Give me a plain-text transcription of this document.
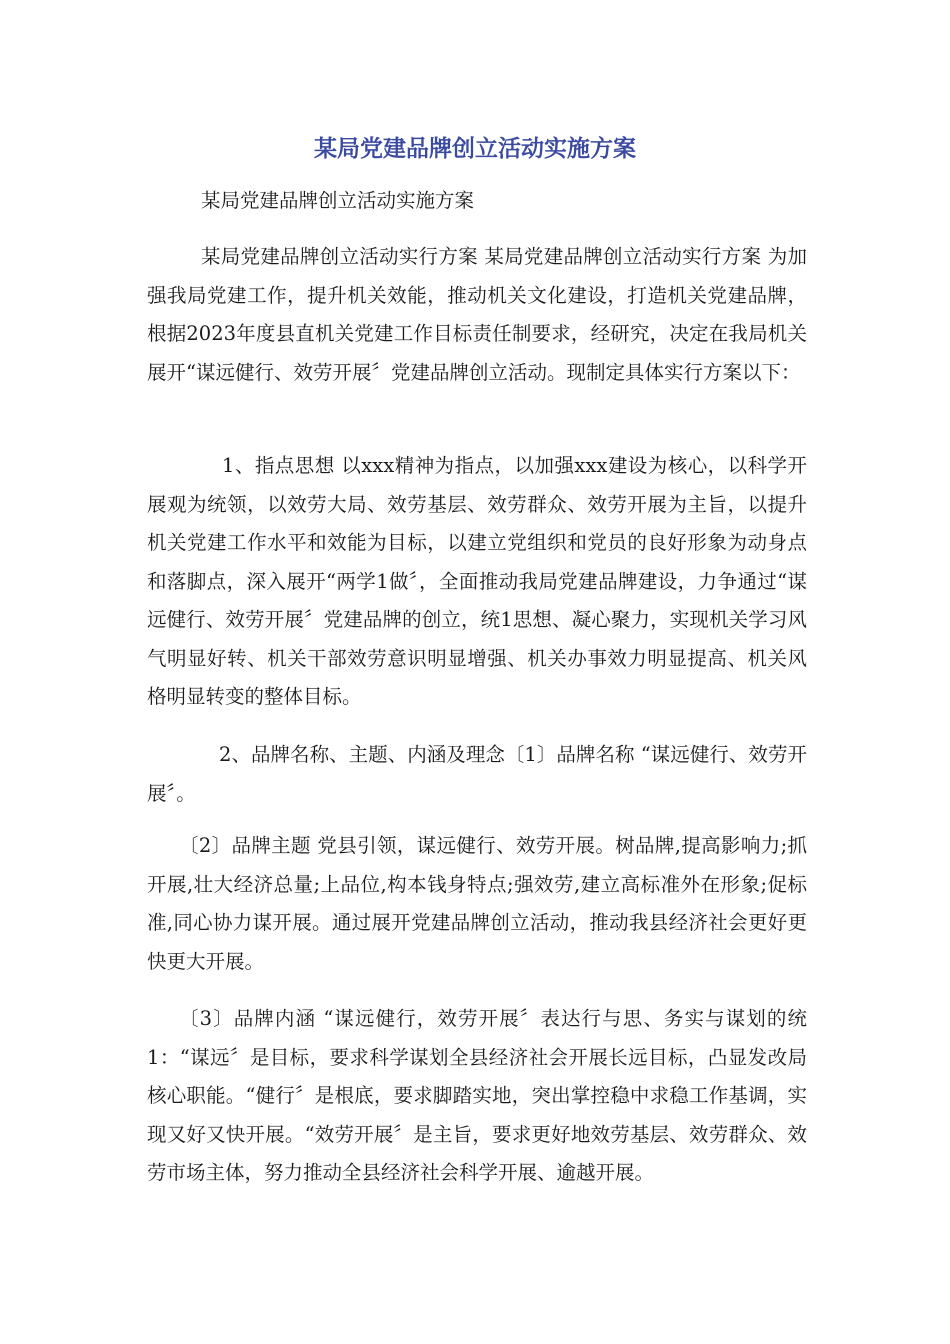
某局党建品牌创立活动实施方案
某局党建品牌创立活动实施方案

某局党建品牌创立活动实行方案 某局党建品牌创立活动实行方案 为加强我局党建工作，提升机关效能，推动机关文化建设，打造机关党建品牌，根据2023年度县直机关党建工作目标责任制要求，经研究，决定在我局机关展开“谋远健行、效劳开展〞党建品牌创立活动。现制定具体实行方案以下：

1、指点思想 以xxx精神为指点，以加强xxx建设为核心，以科学开展观为统领，以效劳大局、效劳基层、效劳群众、效劳开展为主旨，以提升机关党建工作水平和效能为目标，以建立党组织和党员的良好形象为动身点和落脚点，深入展开“两学1做〞，全面推动我局党建品牌建设，力争通过“谋远健行、效劳开展〞党建品牌的创立，统1思想、凝心聚力，实现机关学习风气明显好转、机关干部效劳意识明显增强、机关办事效力明显提高、机关风格明显转变的整体目标。

2、品牌名称、主题、内涵及理念〔1〕品牌名称 “谋远健行、效劳开展〞。

〔2〕品牌主题 党县引领，谋远健行、效劳开展。树品牌,提高影响力;抓开展,壮大经济总量;上品位,构本钱身特点;强效劳,建立高标准外在形象;促标准,同心协力谋开展。通过展开党建品牌创立活动，推动我县经济社会更好更快更大开展。

〔3〕品牌内涵 “谋远健行，效劳开展〞表达行与思、务实与谋划的统1：“谋远〞是目标，要求科学谋划全县经济社会开展长远目标，凸显发改局核心职能。“健行〞是根底，要求脚踏实地，突出掌控稳中求稳工作基调，实现又好又快开展。“效劳开展〞是主旨，要求更好地效劳基层、效劳群众、效劳市场主体，努力推动全县经济社会科学开展、逾越开展。
